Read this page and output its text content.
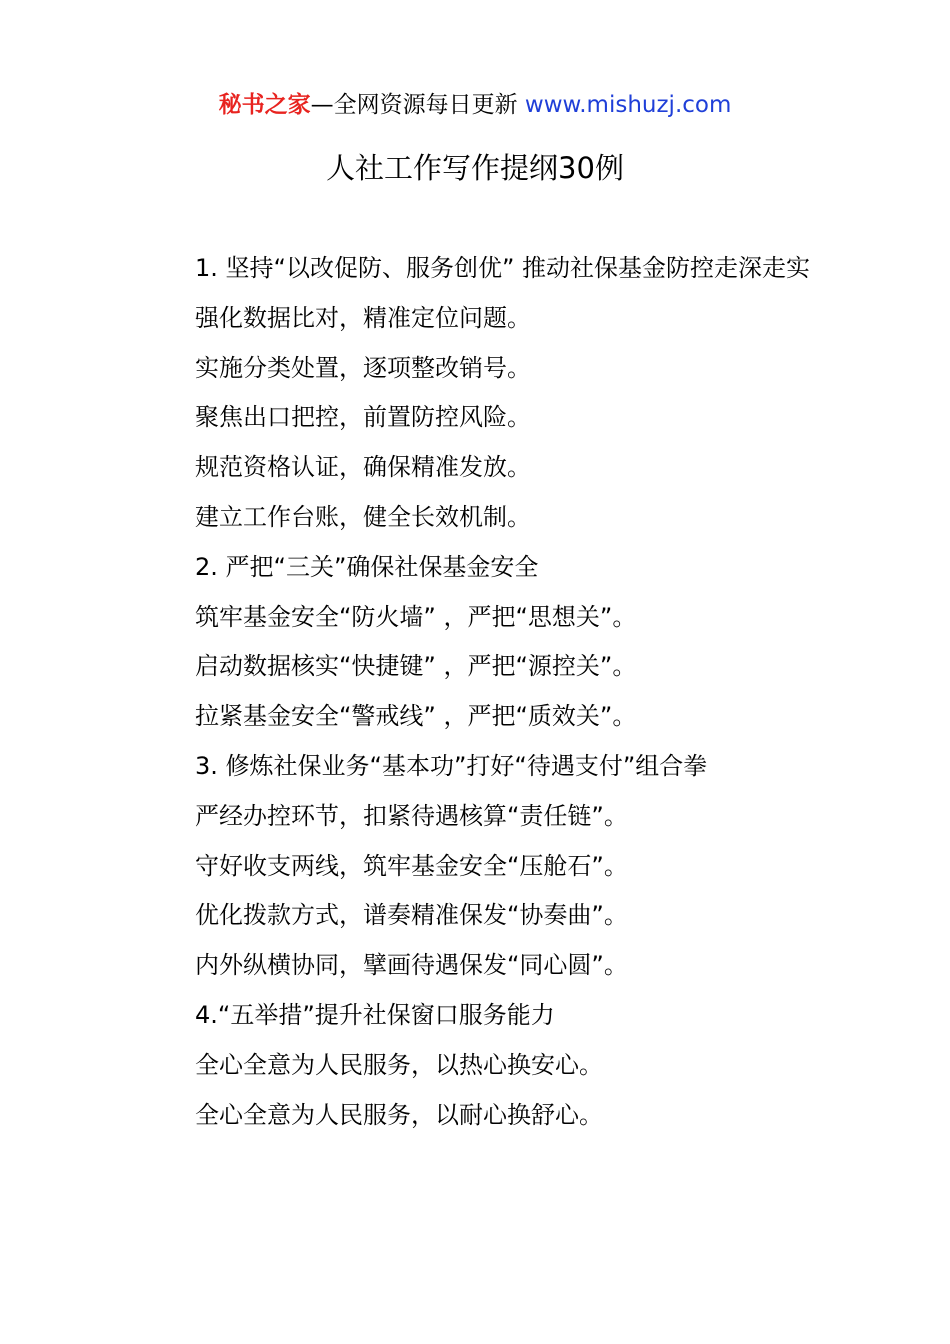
秘书之家—全网资源每日更新 www.mishuzj.com
人社工作写作提纲30例

1. 坚持“以改促防、服务创优” 推动社保基金防控走深走实

强化数据比对，精准定位问题。

实施分类处置，逐项整改销号。

聚焦出口把控，前置防控风险。

规范资格认证，确保精准发放。

建立工作台账，健全长效机制。

2. 严把“三关”确保社保基金安全

筑牢基金安全“防火墙” ，严把“思想关”。

启动数据核实“快捷键” ，严把“源控关”。

拉紧基金安全“警戒线” ，严把“质效关”。

3. 修炼社保业务“基本功”打好“待遇支付”组合拳

严经办控环节，扣紧待遇核算“责任链”。

守好收支两线，筑牢基金安全“压舱石”。

优化拨款方式，谱奏精准保发“协奏曲”。

内外纵横协同，擘画待遇保发“同心圆”。

4.“五举措”提升社保窗口服务能力

全心全意为人民服务，以热心换安心。

全心全意为人民服务，以耐心换舒心。
